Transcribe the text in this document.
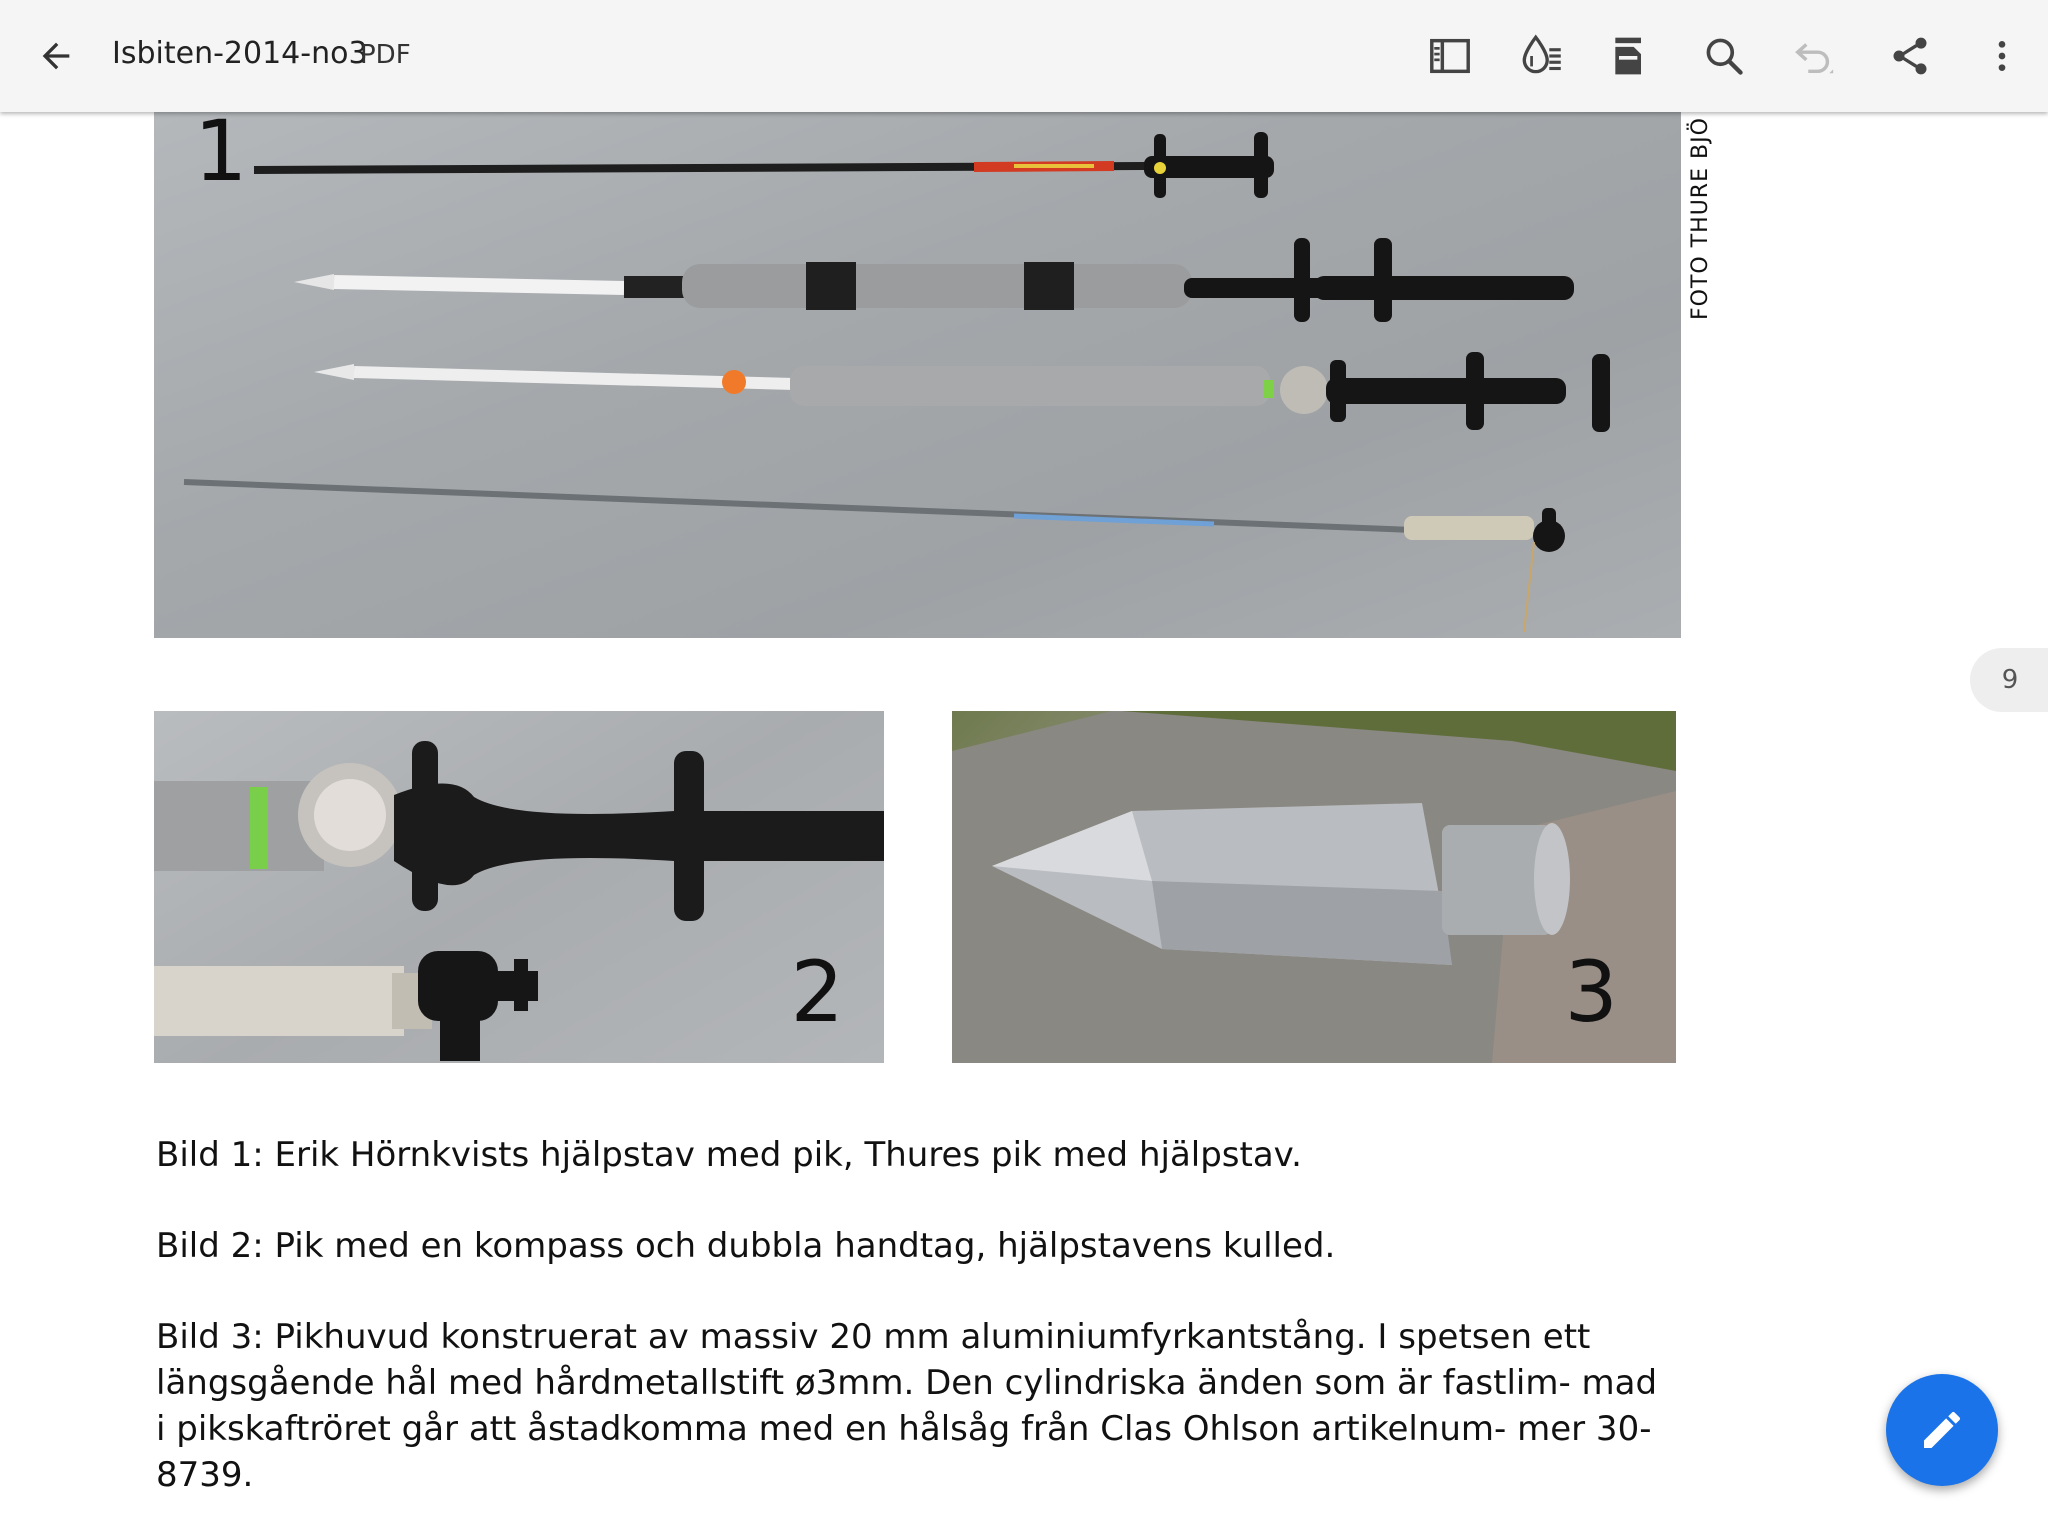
Isbiten-2014-no3
PDF
1	FOTO THURE BJÖ
2	3

Bild 1: Erik Hörnkvists hjälpstav med pik, Thures pik med hjälpstav.

Bild 2: Pik med en kompass och dubbla handtag, hjälpstavens kulled.

Bild 3: Pikhuvud konstruerat av massiv 20 mm aluminiumfyrkantstång. I spetsen ett längsgående hål med hårdmetallstift ø3mm. Den cylindriska änden som är fastlim- mad i pikskaftröret går att åstadkomma med en hålsåg från Clas Ohlson artikelnum- mer 30-8739.

9
